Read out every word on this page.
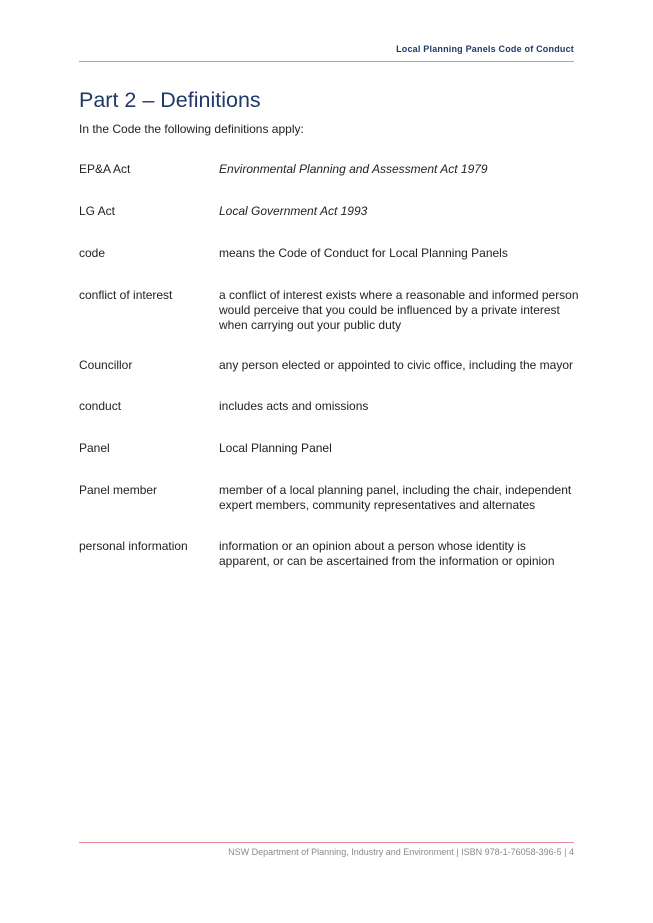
Local Planning Panels Code of Conduct
Part 2 – Definitions
In the Code the following definitions apply:
EP&A Act	Environmental Planning and Assessment Act 1979
LG Act	Local Government Act 1993
code	means the Code of Conduct for Local Planning Panels
conflict of interest	a conflict of interest exists where a reasonable and informed person would perceive that you could be influenced by a private interest when carrying out your public duty
Councillor	any person elected or appointed to civic office, including the mayor
conduct	includes acts and omissions
Panel	Local Planning Panel
Panel member	member of a local planning panel, including the chair, independent expert members, community representatives and alternates
personal information	information or an opinion about a person whose identity is apparent, or can be ascertained from the information or opinion
NSW Department of Planning, Industry and Environment | ISBN 978-1-76058-396-5 | 4
